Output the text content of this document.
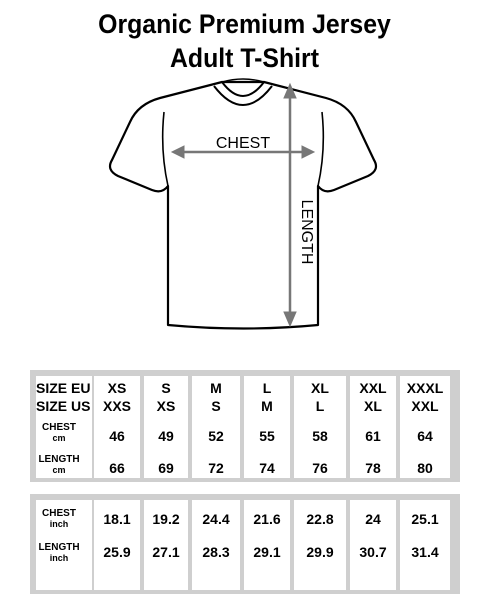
Organic Premium Jersey
Adult T-Shirt
CHEST
LENGTH
SIZE EU
SIZE US
CHEST
cm
LENGTH
cm
CHEST
inch
LENGTH
inch
XS
XXS
46
66
18.1
25.9
S
XS
49
69
19.2
27.1
M
S
52
72
24.4
28.3
L
M
55
74
21.6
29.1
XL
L
58
76
22.8
29.9
XXL
XL
61
78
24
30.7
XXXL
XXL
64
80
25.1
31.4
